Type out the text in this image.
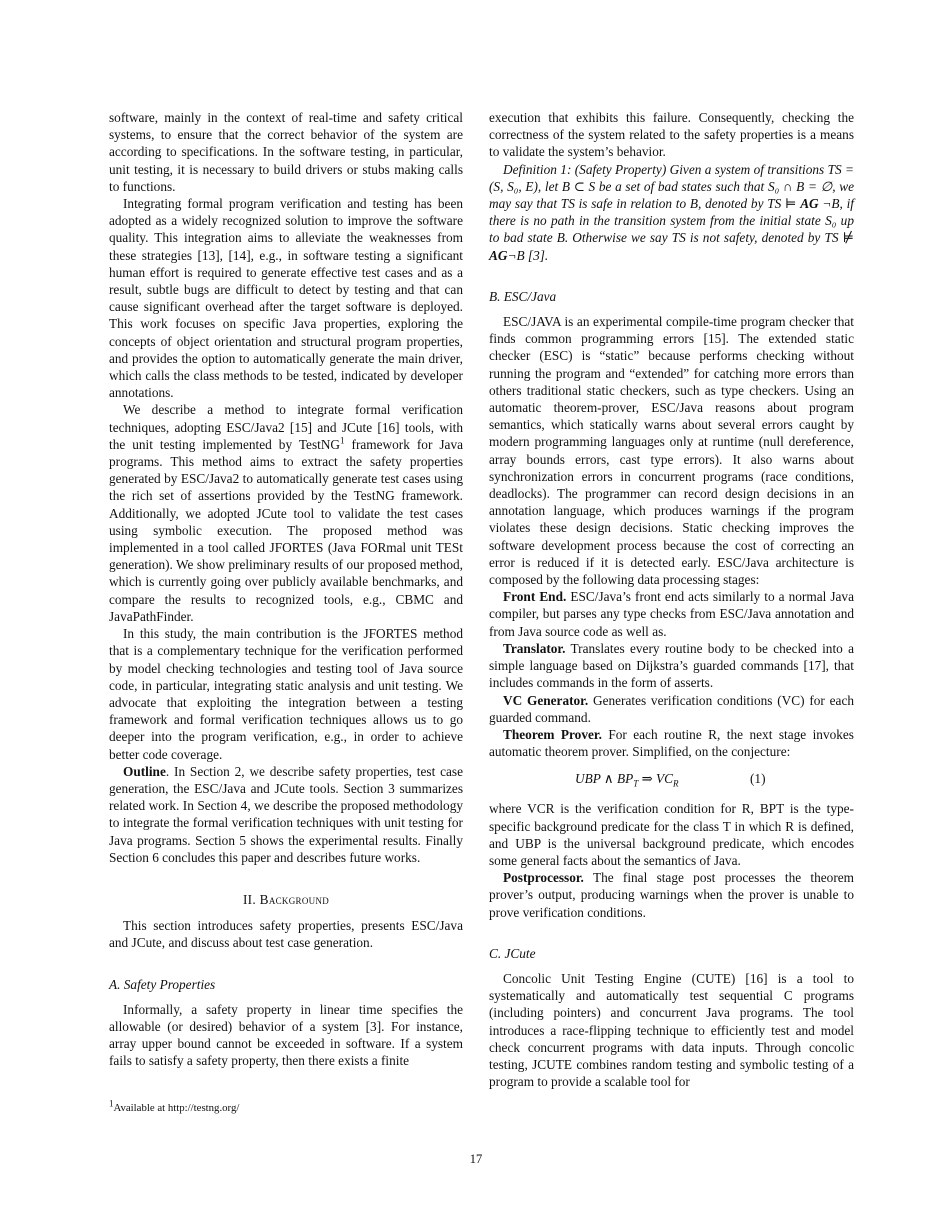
software, mainly in the context of real-time and safety critical systems, to ensure that the correct behavior of the system are according to specifications. In the software testing, in particular, unit testing, it is necessary to build drivers or stubs making calls to functions.

Integrating formal program verification and testing has been adopted as a widely recognized solution to improve the software quality. This integration aims to alleviate the weaknesses from these strategies [13], [14], e.g., in software testing a significant human effort is required to generate effective test cases and as a result, subtle bugs are difficult to detect by testing and that can cause significant overhead after the target software is deployed. This work focuses on specific Java properties, exploring the concepts of object orientation and structural program properties, and provides the option to automatically generate the main driver, which calls the class methods to be tested, indicated by developer annotations.

We describe a method to integrate formal verification techniques, adopting ESC/Java2 [15] and JCute [16] tools, with the unit testing implemented by TestNG$^1$ framework for Java programs. This method aims to extract the safety properties generated by ESC/Java2 to automatically generate test cases using the rich set of assertions provided by the TestNG framework. Additionally, we adopted JCute tool to validate the test cases using symbolic execution. The proposed method was implemented in a tool called JFORTES (Java FORmal unit TESt generation). We show preliminary results of our proposed method, which is currently going over publicly available benchmarks, and compare the results to recognized tools, e.g., CBMC and JavaPathFinder.

In this study, the main contribution is the JFORTES method that is a complementary technique for the verification performed by model checking technologies and testing tool of Java source code, in particular, integrating static analysis and unit testing. We advocate that exploiting the integration between a testing framework and formal verification techniques allows us to go deeper into the program verification, e.g., in order to achieve better code coverage.

Outline. In Section 2, we describe safety properties, test case generation, the ESC/Java and JCute tools. Section 3 summarizes related work. In Section 4, we describe the proposed methodology to integrate the formal verification techniques with unit testing for Java programs. Section 5 shows the experimental results. Finally Section 6 concludes this paper and describes future works.

II. Background

This section introduces safety properties, presents ESC/Java and JCute, and discuss about test case generation.

A. Safety Properties

Informally, a safety property in linear time specifies the allowable (or desired) behavior of a system [3]. For instance, array upper bound cannot be exceeded in software. If a system fails to satisfy a safety property, then there exists a finite

execution that exhibits this failure. Consequently, checking the correctness of the system related to the safety properties is a means to validate the system’s behavior.

Definition 1: (Safety Property) Given a system of transitions TS = (S, S₀, E), let B ⊂ S be a set of bad states such that S₀ ∩ B = ∅, we may say that TS is safe in relation to B, denoted by TS ⊨ AG ¬B, if there is no path in the transition system from the initial state S₀ up to bad state B. Otherwise we say TS is not safety, denoted by TS ⊭ AG¬B [3].

B. ESC/Java

ESC/JAVA is an experimental compile-time program checker that finds common programming errors [15]. The extended static checker (ESC) is “static” because performs checking without running the program and “extended” for catching more errors than others traditional static checkers, such as type checkers. Using an automatic theorem-prover, ESC/Java reasons about program semantics, which statically warns about several errors caught by modern programming languages only at runtime (null dereference, array bounds errors, cast type errors). It also warns about synchronization errors in concurrent programs (race conditions, deadlocks). The programmer can record design decisions in an annotation language, which produces warnings if the program violates these design decisions. Static checking improves the software development process because the cost of correcting an error is reduced if it is detected early. ESC/Java architecture is composed by the following data processing stages:

Front End. ESC/Java’s front end acts similarly to a normal Java compiler, but parses any type checks from ESC/Java annotation and from Java source code as well as.

Translator. Translates every routine body to be checked into a simple language based on Dijkstra’s guarded commands [17], that includes commands in the form of asserts.

VC Generator. Generates verification conditions (VC) for each guarded command.

Theorem Prover. For each routine R, the next stage invokes automatic theorem prover. Simplified, on the conjecture:

UBP ∧ $BP_T$ ⇒ $VC_R$	(1)

where VCR is the verification condition for R, BPT is the type-specific background predicate for the class T in which R is defined, and UBP is the universal background predicate, which encodes some general facts about the semantics of Java.

Postprocessor. The final stage post processes the theorem prover’s output, producing warnings when the prover is unable to prove verification conditions.

C. JCute

Concolic Unit Testing Engine (CUTE) [16] is a tool to systematically and automatically test sequential C programs (including pointers) and concurrent Java programs. The tool introduces a race-flipping technique to efficiently test and model check concurrent programs with data inputs. Through concolic testing, JCUTE combines random testing and symbolic testing of a program to provide a scalable tool for

$^1$Available at http://testng.org/
17
